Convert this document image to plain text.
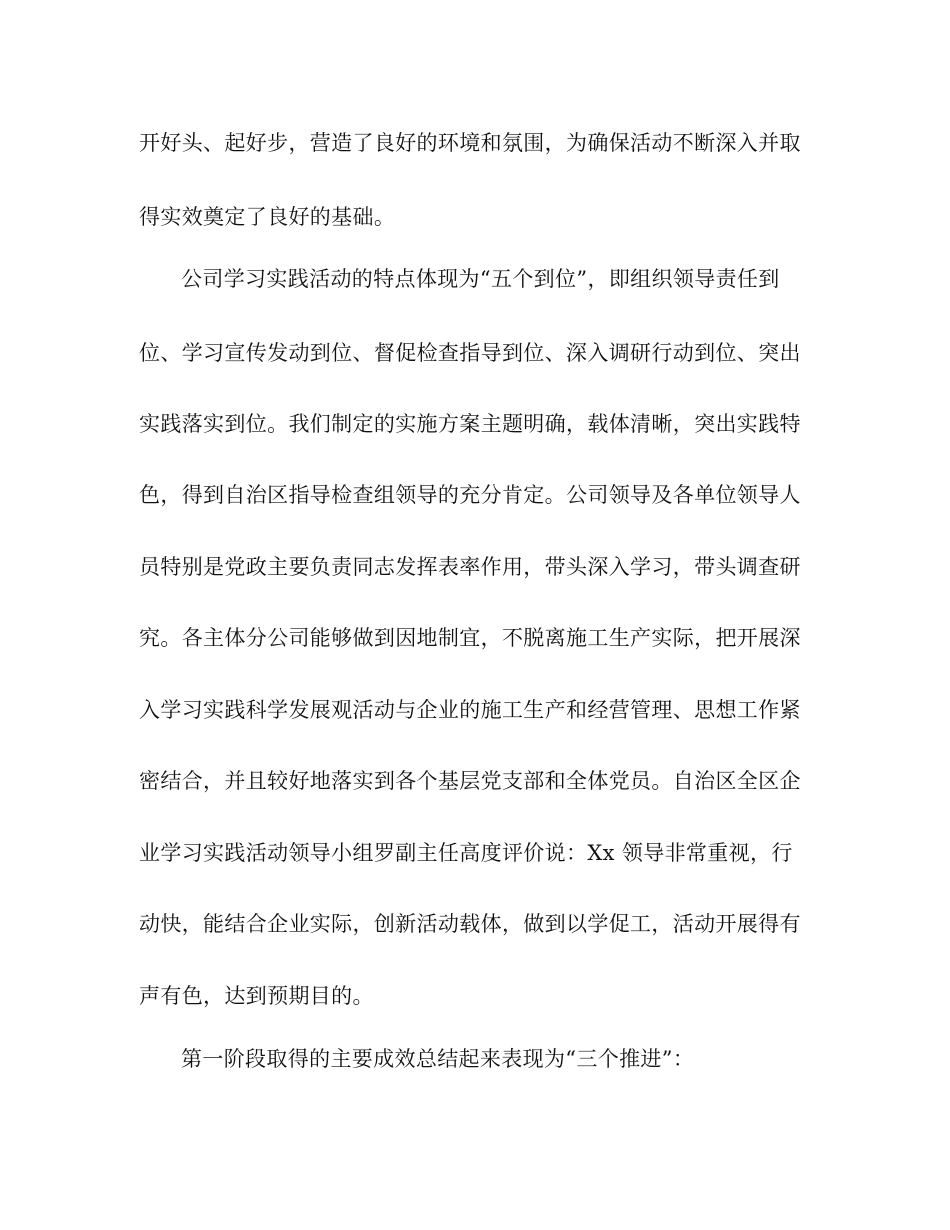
开好头、起好步，营造了良好的环境和氛围，为确保活动不断深入并取
得实效奠定了良好的基础。
公司学习实践活动的特点体现为“五个到位”，即组织领导责任到
位、学习宣传发动到位、督促检查指导到位、深入调研行动到位、突出
实践落实到位。我们制定的实施方案主题明确，载体清晰，突出实践特
色，得到自治区指导检查组领导的充分肯定。公司领导及各单位领导人
员特别是党政主要负责同志发挥表率作用，带头深入学习，带头调查研
究。各主体分公司能够做到因地制宜，不脱离施工生产实际，把开展深
入学习实践科学发展观活动与企业的施工生产和经营管理、思想工作紧
密结合，并且较好地落实到各个基层党支部和全体党员。自治区全区企
业学习实践活动领导小组罗副主任高度评价说：Xx 领导非常重视，行
动快，能结合企业实际，创新活动载体，做到以学促工，活动开展得有
声有色，达到预期目的。
第一阶段取得的主要成效总结起来表现为“三个推进”：
